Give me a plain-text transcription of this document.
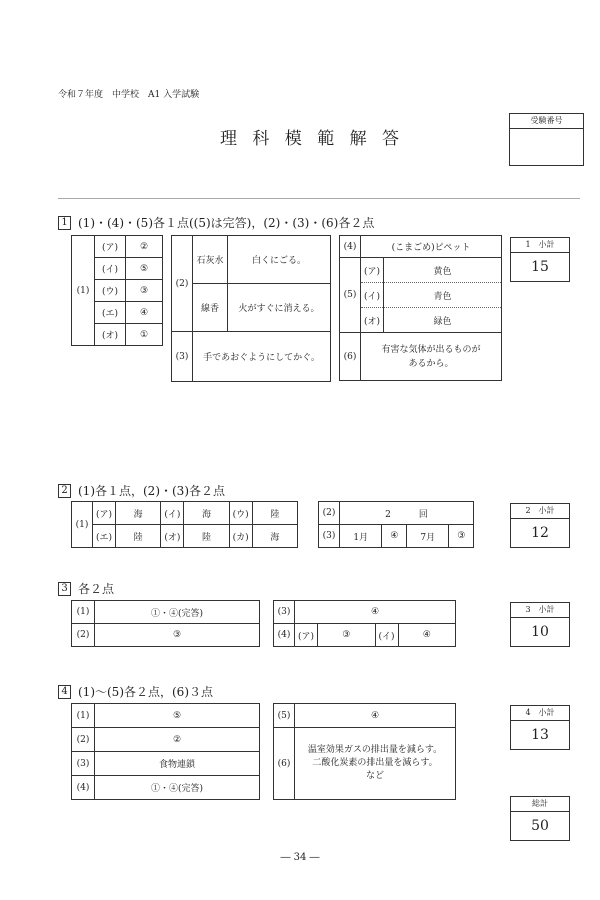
令和７年度　中学校　A1 入学試験
理 科 模 範 解 答
受験番号
1 (1)・(4)・(5)各１点((5)は完答)，(2)・(3)・(6)各２点
(1)	(ア)	②
	(イ)	⑤
	(ウ)	③
	(エ)	④
	(オ)	①
(2)	石灰水	白くにごる。
	線香	火がすぐに消える。
(3)	手であおぐようにしてかぐ。	
(4)	(こまごめ)ピペット	
(5)	(ア)	黄色
	(イ)	青色
	(オ)	緑色
(6)	有害な気体が出るものが
あるから。	
1　小計
15
2 (1)各１点，(2)・(3)各２点
(1)	(ア)	海	(イ)	海	(ウ)	陸
	(エ)	陸	(オ)	陸	(カ)	海
(2)	2 回			
(3)	1月	④	7月	③
2　小計
12
3 各２点
(1)	①・④(完答)
(2)	③
(3)	④			
(4)	(ア)	③	(イ)	④
3　小計
10
4 (1)～(5)各２点，(6)３点
(1)	⑤
(2)	②
(3)	食物連鎖
(4)	①・④(完答)
(5)	④
(6)	温室効果ガスの排出量を減らす。
二酸化炭素の排出量を減らす。
など
4　小計
13
総計
50
― 34 ―
